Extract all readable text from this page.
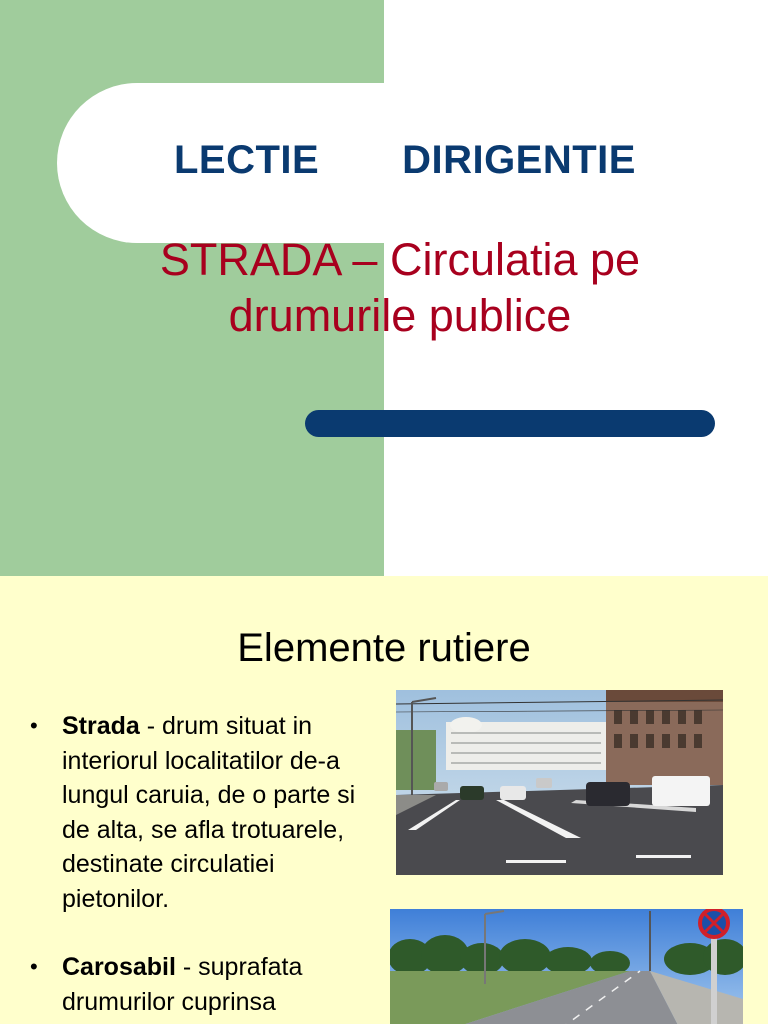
LECTIE   DIRIGENTIE
STRADA – Circulatia pe
drumurile publice
Elemente rutiere
• Strada - drum situat in interiorul localitatilor de-a lungul caruia, de o parte si de alta, se afla trotuarele, destinate circulatiei pietonilor.
• Carosabil - suprafata drumurilor cuprinsa
